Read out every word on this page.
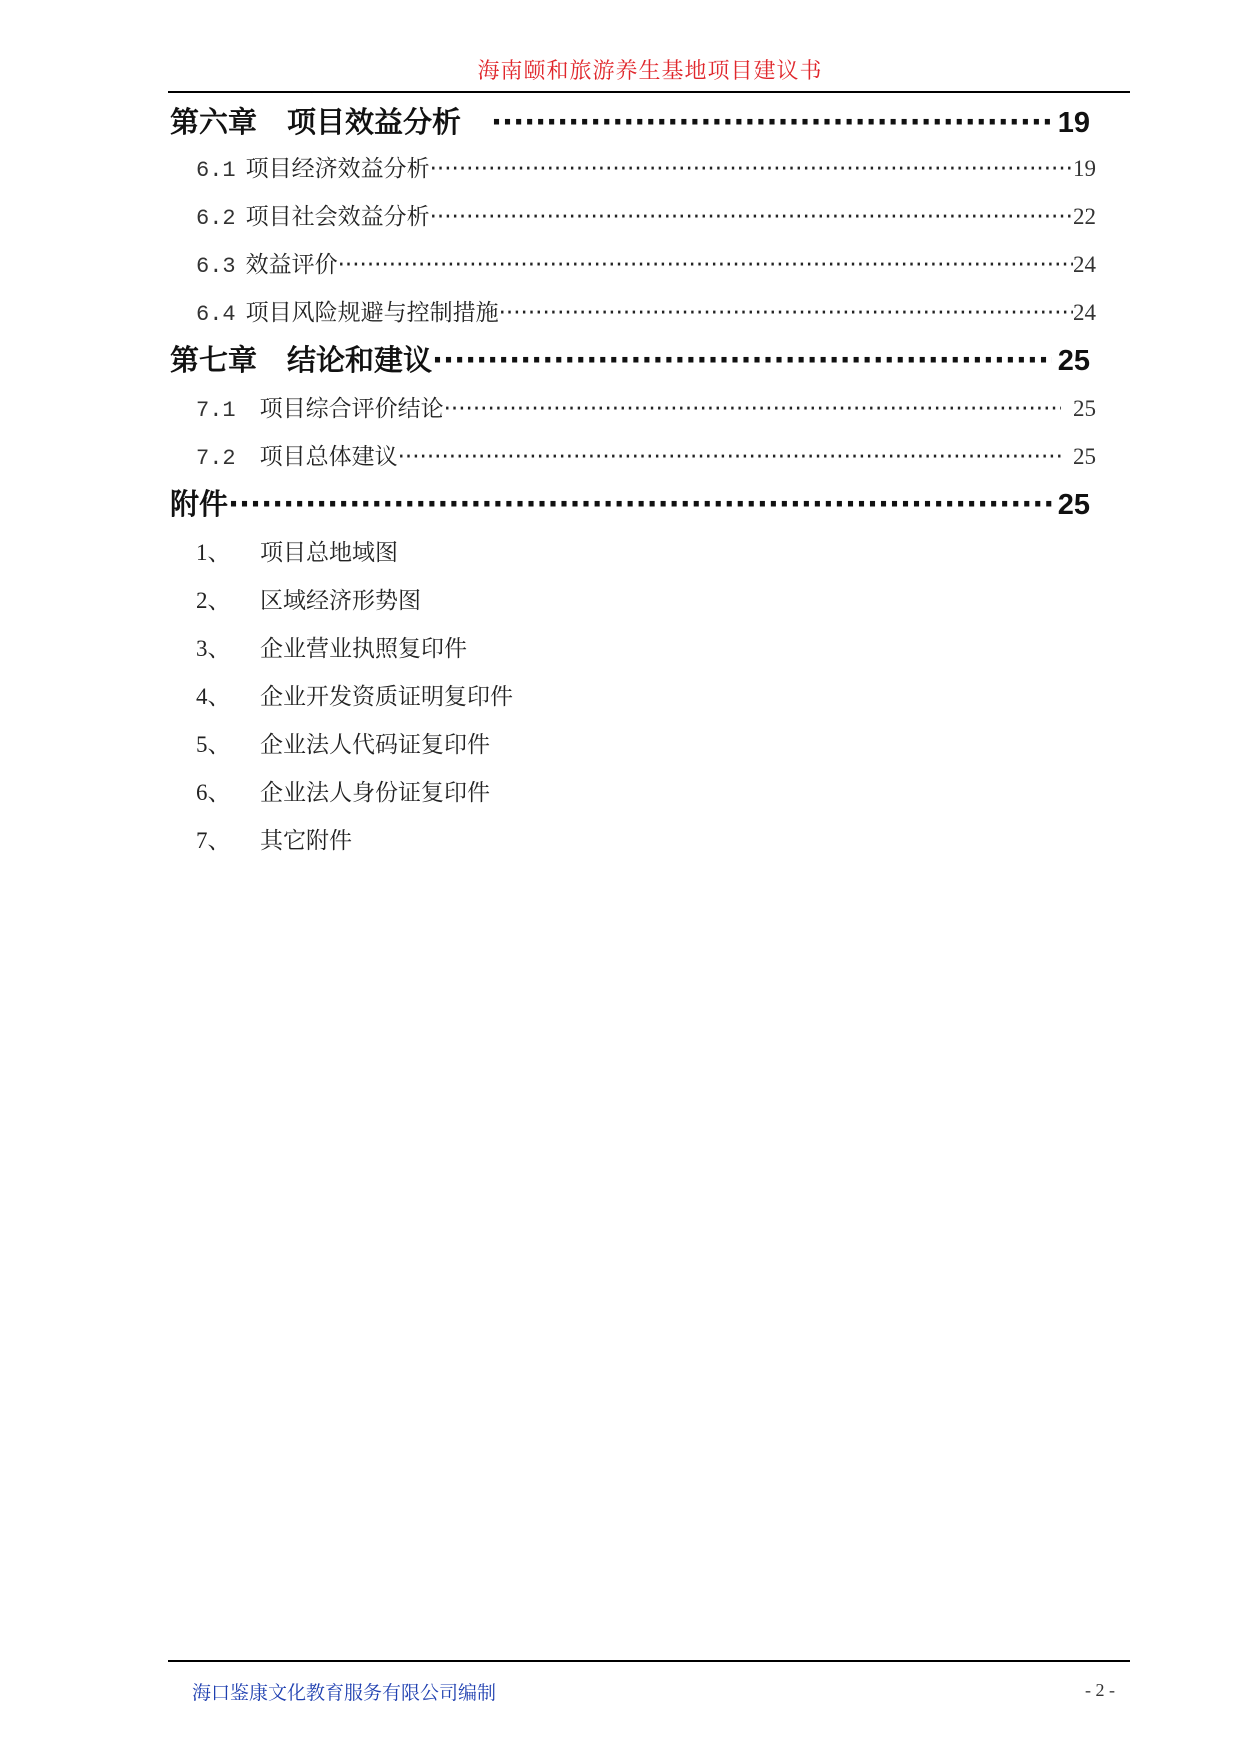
海南颐和旅游养生基地项目建议书
第六章 项目效益分析 ·····	19
6.1 项目经济效益分析 ·····	19
6.2 项目社会效益分析 ·····	22
6.3 效益评价 ·····	24
6.4 项目风险规避与控制措施 ·····	24
第七章 结论和建议 ·····	25
7.1 项目综合评价结论 ·····	25
7.2 项目总体建议 ·····	25
附件 ·····	25
1、 项目总地域图
2、 区域经济形势图
3、 企业营业执照复印件
4、 企业开发资质证明复印件
5、 企业法人代码证复印件
6、 企业法人身份证复印件
7、 其它附件
海口鉴康文化教育服务有限公司编制	- 2 -
